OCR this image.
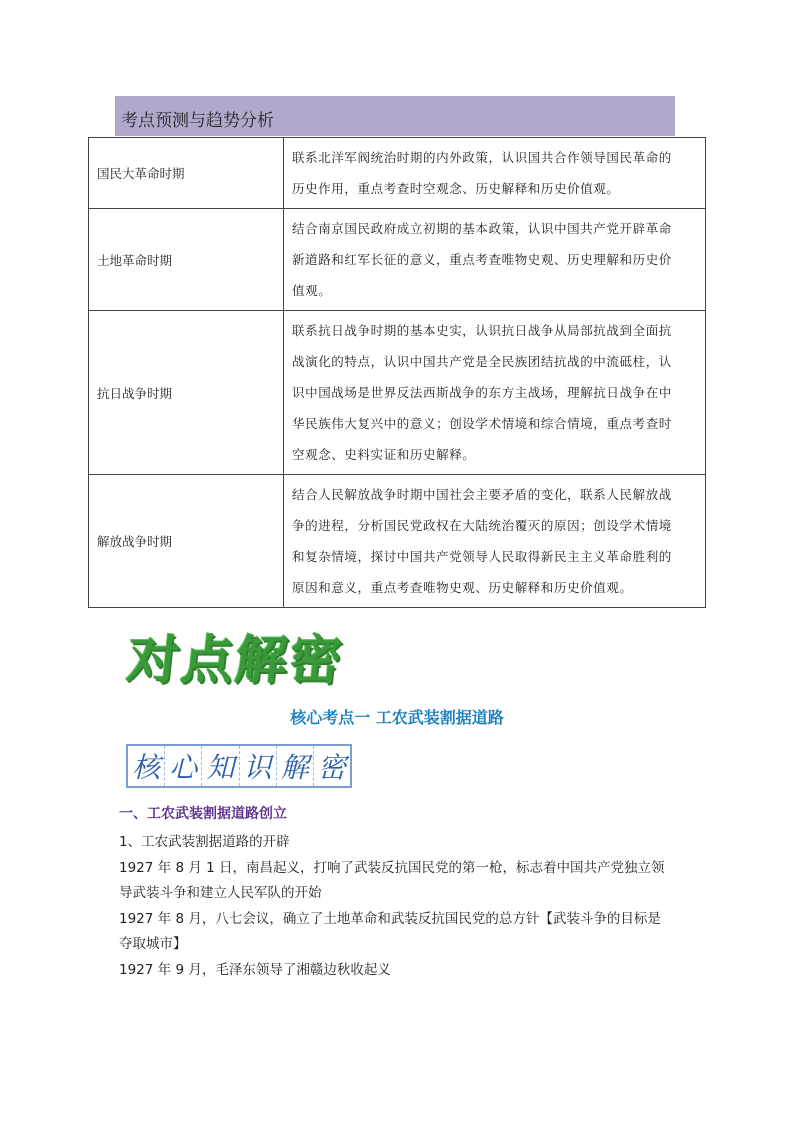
考点预测与趋势分析
国民大革命时期	联系北洋军阀统治时期的内外政策，认识国共合作领导国民革命的
历史作用，重点考查时空观念、历史解释和历史价值观。

土地革命时期	结合南京国民政府成立初期的基本政策，认识中国共产党开辟革命
新道路和红军长征的意义，重点考查唯物史观、历史理解和历史价
值观。

抗日战争时期	联系抗日战争时期的基本史实，认识抗日战争从局部抗战到全面抗
战演化的特点，认识中国共产党是全民族团结抗战的中流砥柱，认
识中国战场是世界反法西斯战争的东方主战场，理解抗日战争在中
华民族伟大复兴中的意义；创设学术情境和综合情境，重点考查时
空观念、史料实证和历史解释。

解放战争时期	结合人民解放战争时期中国社会主要矛盾的变化，联系人民解放战
争的进程，分析国民党政权在大陆统治覆灭的原因；创设学术情境
和复杂情境，探讨中国共产党领导人民取得新民主主义革命胜利的
原因和意义，重点考查唯物史观、历史解释和历史价值观。
对点解密
核心考点一 工农武装割据道路
核 心 知 识 解 密
一、工农武装割据道路创立

1、工农武装割据道路的开辟

1927 年 8 月 1 日，南昌起义，打响了武装反抗国民党的第一枪，标志着中国共产党独立领

导武装斗争和建立人民军队的开始

1927 年 8 月，八七会议，确立了土地革命和武装反抗国民党的总方针【武装斗争的目标是

夺取城市】

1927 年 9 月，毛泽东领导了湘赣边秋收起义
